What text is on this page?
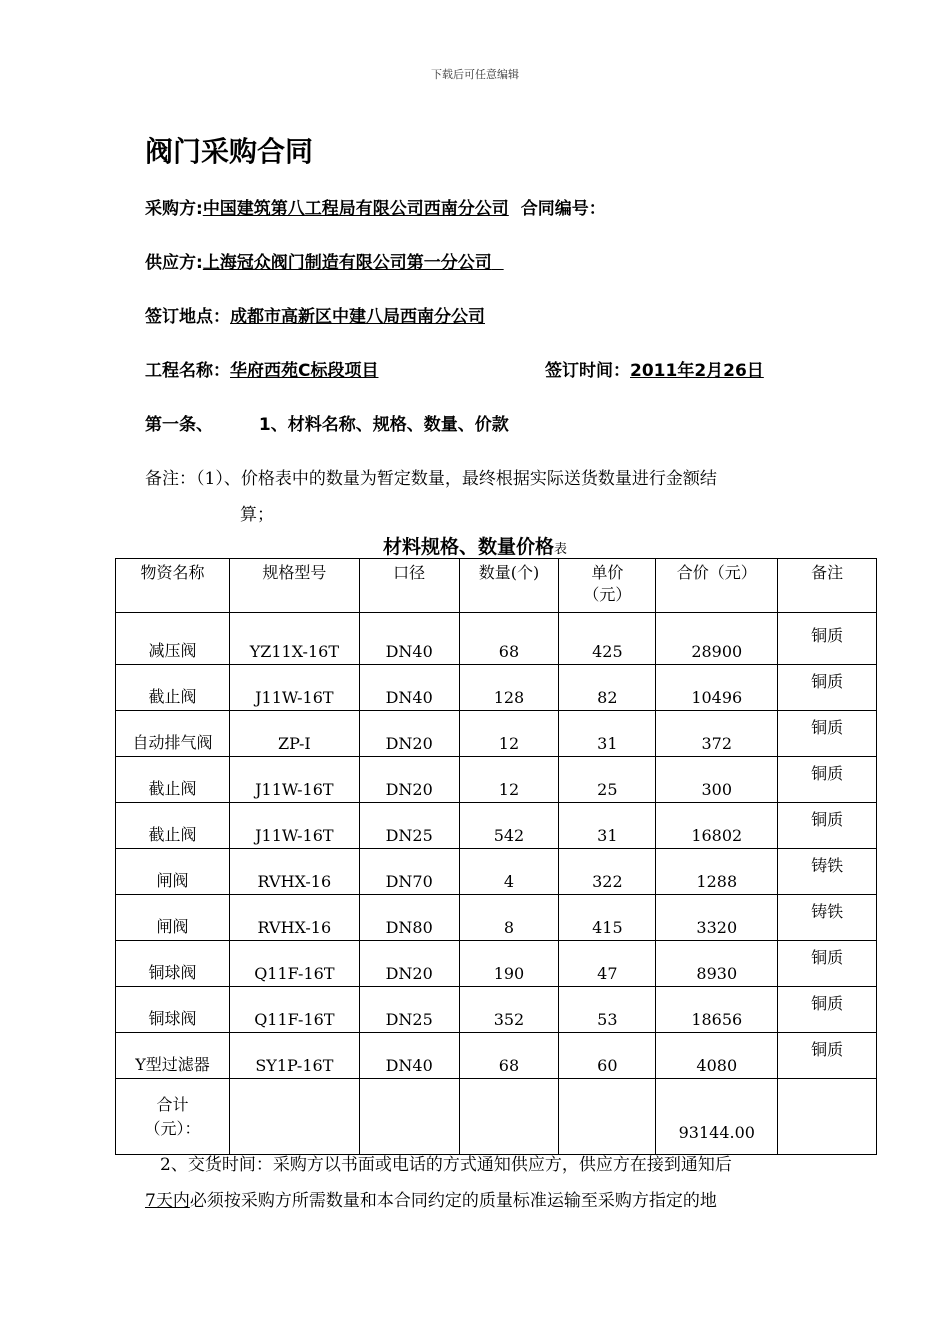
下载后可任意编辑
阀门采购合同
采购方:中国建筑第八工程局有限公司西南分公司 合同编号：
供应方:上海冠众阀门制造有限公司第一分公司
签订地点：成都市高新区中建八局西南分公司
工程名称：华府西苑C标段项目	签订时间：2011年2月26日
第一条、	1、材料名称、规格、数量、价款
备注：（1）、价格表中的数量为暂定数量，最终根据实际送货数量进行金额结
算；
材料规格、数量价格表
物资名称	规格型号	口径	数量(个)	单价（元）	合价（元）	备注
减压阀	YZ11X-16T	DN40	68	425	28900	铜质
截止阀	J11W-16T	DN40	128	82	10496	铜质
自动排气阀	ZP-I	DN20	12	31	372	铜质
截止阀	J11W-16T	DN20	12	25	300	铜质
截止阀	J11W-16T	DN25	542	31	16802	铜质
闸阀	RVHX-16	DN70	4	322	1288	铸铁
闸阀	RVHX-16	DN80	8	415	3320	铸铁
铜球阀	Q11F-16T	DN20	190	47	8930	铜质
铜球阀	Q11F-16T	DN25	352	53	18656	铜质
Y型过滤器	SY1P-16T	DN40	68	60	4080	铜质
合计（元）：					93144.00	
2、交货时间：采购方以书面或电话的方式通知供应方，供应方在接到通知后
7天内必须按采购方所需数量和本合同约定的质量标准运输至采购方指定的地
